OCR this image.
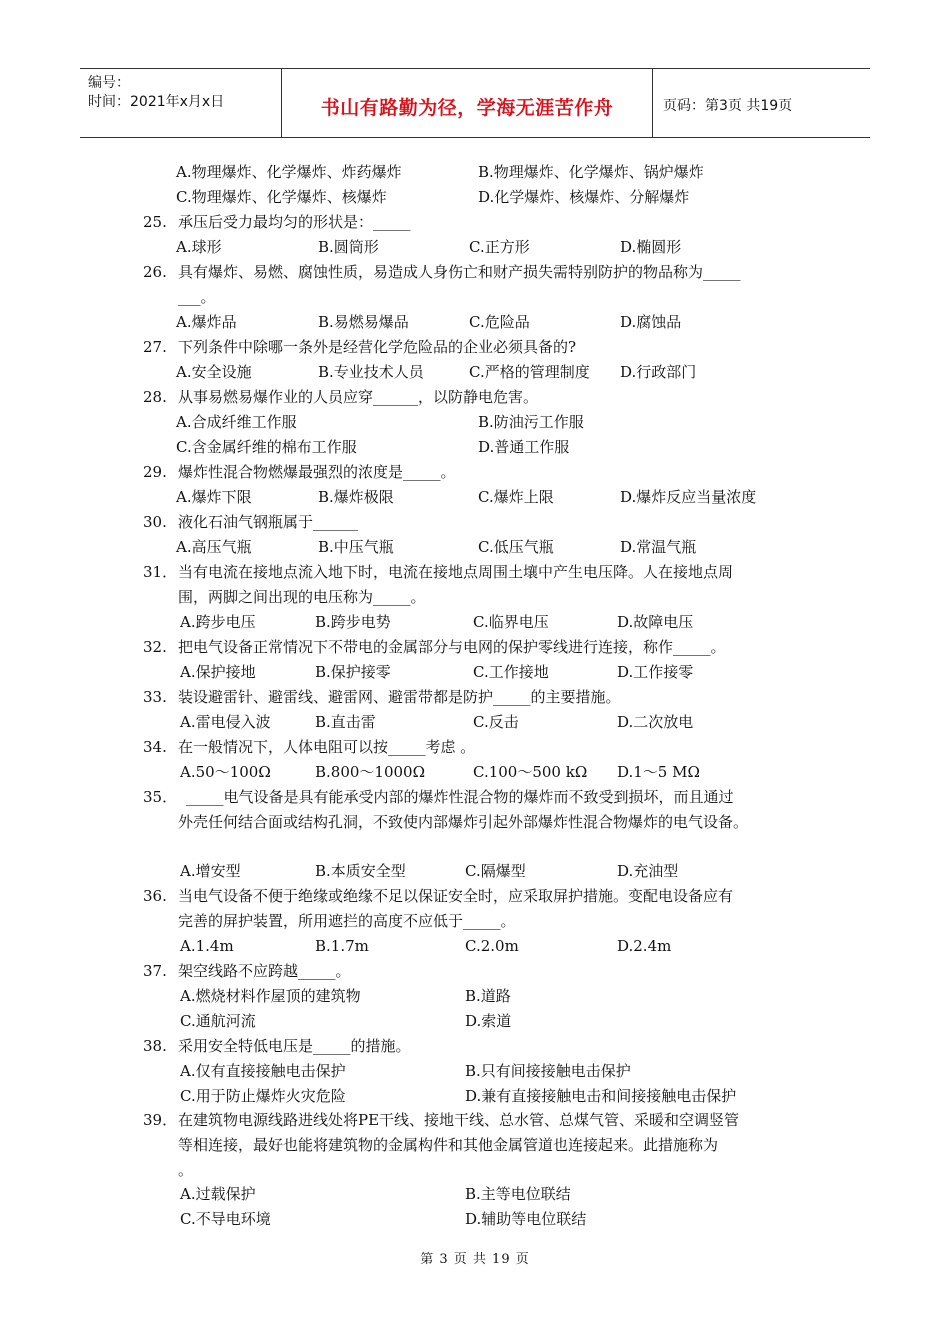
编号：
时间：2021年x月x日	书山有路勤为径，学海无涯苦作舟	页码：第3页 共19页
A.物理爆炸、化学爆炸、炸药爆炸	B.物理爆炸、化学爆炸、锅炉爆炸
C.物理爆炸、化学爆炸、核爆炸	D.化学爆炸、核爆炸、分解爆炸
25. 承压后受力最均匀的形状是：_____
A.球形	B.圆筒形	C.正方形	D.椭圆形
26. 具有爆炸、易燃、腐蚀性质，易造成人身伤亡和财产损失需特别防护的物品称为_____
___。
A.爆炸品	B.易燃易爆品	C.危险品	D.腐蚀品
27. 下列条件中除哪一条外是经营化学危险品的企业必须具备的?
A.安全设施	B.专业技术人员	C.严格的管理制度 D.行政部门
28. 从事易燃易爆作业的人员应穿______，以防静电危害。
A.合成纤维工作服	B.防油污工作服
C.含金属纤维的棉布工作服	D.普通工作服
29. 爆炸性混合物燃爆最强烈的浓度是_____。
A.爆炸下限	B.爆炸极限	C.爆炸上限	D.爆炸反应当量浓度
30. 液化石油气钢瓶属于______
A.高压气瓶	B.中压气瓶	C.低压气瓶	D.常温气瓶
31． 当有电流在接地点流入地下时，电流在接地点周围土壤中产生电压降。人在接地点周
围，两脚之间出现的电压称为_____。
A.跨步电压	B.跨步电势	C.临界电压	D.故障电压
32. 把电气设备正常情况下不带电的金属部分与电网的保护零线进行连接，称作_____。
A.保护接地	B.保护接零	C.工作接地	D.工作接零
33. 装设避雷针、避雷线、避雷网、避雷带都是防护_____的主要措施。
A.雷电侵入波	B.直击雷	C.反击	D.二次放电
34. 在一般情况下，人体电阻可以按_____考虑 。
A.50～100Ω	B.800～1000Ω	C.100～500 kΩ D.1～5 MΩ
35． _____电气设备是具有能承受内部的爆炸性混合物的爆炸而不致受到损坏，而且通过
外壳任何结合面或结构孔洞，不致使内部爆炸引起外部爆炸性混合物爆炸的电气设备。
A.增安型	B.本质安全型	C.隔爆型	D.充油型
36. 当电气设备不便于绝缘或绝缘不足以保证安全时，应采取屏护措施。变配电设备应有
完善的屏护装置，所用遮拦的高度不应低于_____。
A.1.4m	B.1.7m	C.2.0m	D.2.4m
37. 架空线路不应跨越_____。
A.燃烧材料作屋顶的建筑物	B.道路
C.通航河流	D.索道
38. 采用安全特低电压是_____的措施。
A.仅有直接接触电击保护	B.只有间接接触电击保护
C.用于防止爆炸火灾危险	D.兼有直接接触电击和间接接触电击保护
39． 在建筑物电源线路进线处将PE干线、接地干线、总水管、总煤气管、采暖和空调竖管
等相连接，最好也能将建筑物的金属构件和其他金属管道也连接起来。此措施称为
。
A.过载保护	B.主等电位联结
C.不导电环境	D.辅助等电位联结
第 3 页 共 19 页
